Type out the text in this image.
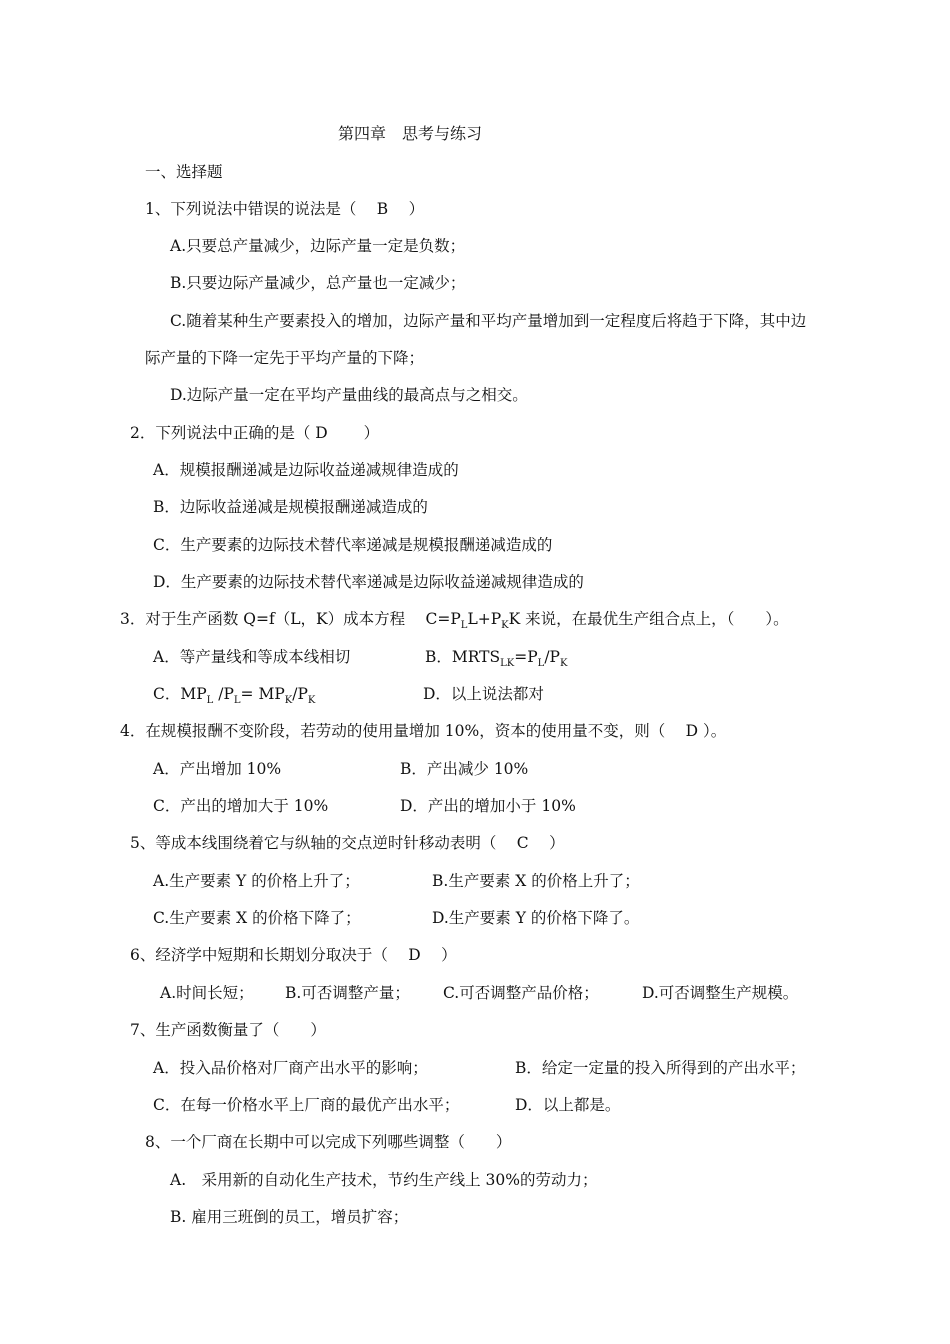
第四章　思考与练习
一、选择题
1、下列说法中错误的说法是（　 B 　）
A.只要总产量减少，边际产量一定是负数；
B.只要边际产量减少，总产量也一定减少；
C.随着某种生产要素投入的增加，边际产量和平均产量增加到一定程度后将趋于下降，其中边
际产量的下降一定先于平均产量的下降；
D.边际产量一定在平均产量曲线的最高点与之相交。
2．下列说法中正确的是（ D 　　）
A．规模报酬递减是边际收益递减规律造成的
B．边际收益递减是规模报酬递减造成的
C．生产要素的边际技术替代率递减是规模报酬递减造成的
D．生产要素的边际技术替代率递减是边际收益递减规律造成的
3．对于生产函数 Q=f（L，K）成本方程　 $C=P_LL+P_KK$ 来说，在最优生产组合点上，（　　）。
A．等产量线和等成本线相切	B．$MRTS_{LK}=P_L/P_K$
C．$MP_L$ $/P_L= MP_K/P_K$	D．以上说法都对
4．在规模报酬不变阶段，若劳动的使用量增加 10%，资本的使用量不变，则（　 D ）。
A．产出增加 10%	B．产出减少 10%
C．产出的增加大于 10%	D．产出的增加小于 10%
5、等成本线围绕着它与纵轴的交点逆时针移动表明（　 C 　）
A.生产要素 Y 的价格上升了；	B.生产要素 X 的价格上升了；
C.生产要素 X 的价格下降了；	D.生产要素 Y 的价格下降了。
6、经济学中短期和长期划分取决于（　 D 　）
A.时间长短； B.可否调整产量； C.可否调整产品价格；	D.可否调整生产规模。
7、生产函数衡量了（　　）
A．投入品价格对厂商产出水平的影响；	B．给定一定量的投入所得到的产出水平；
C．在每一价格水平上厂商的最优产出水平；	D．以上都是。
8、一个厂商在长期中可以完成下列哪些调整（　　）
A.　采用新的自动化生产技术，节约生产线上 30%的劳动力；
B. 雇用三班倒的员工，增员扩容；
